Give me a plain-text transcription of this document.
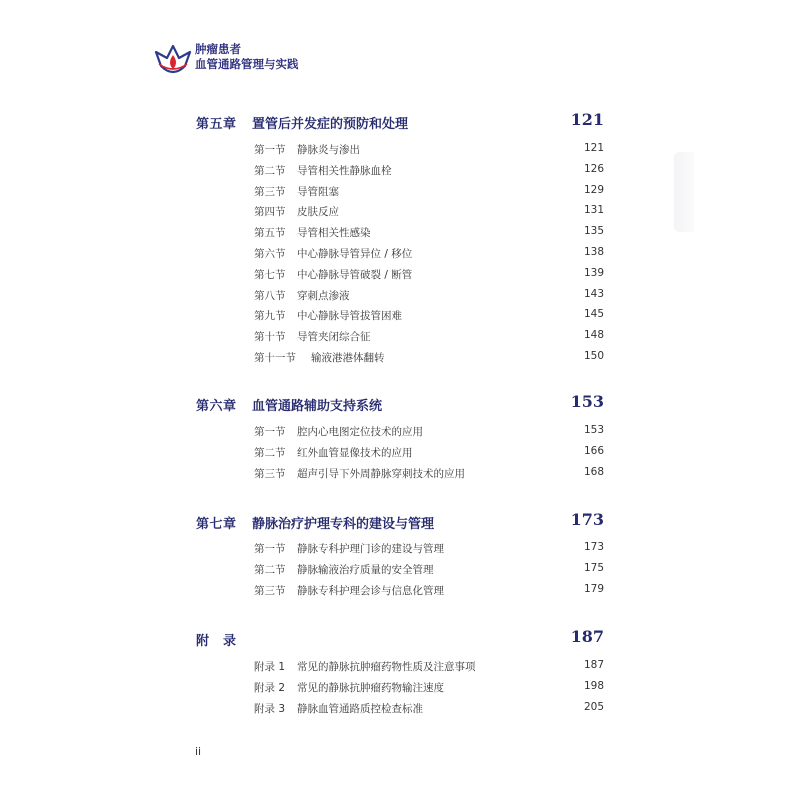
肿瘤患者
血管通路管理与实践
第五章 置管后并发症的预防和处理	121
第一节 静脉炎与渗出	121
第二节 导管相关性静脉血栓	126
第三节 导管阻塞	129
第四节 皮肤反应	131
第五节 导管相关性感染	135
第六节 中心静脉导管异位 / 移位	138
第七节 中心静脉导管破裂 / 断管	139
第八节 穿刺点渗液	143
第九节 中心静脉导管拔管困难	145
第十节 导管夹闭综合征	148
第十一节 输液港港体翻转	150
第六章 血管通路辅助支持系统	153
第一节 腔内心电图定位技术的应用	153
第二节 红外血管显像技术的应用	166
第三节 超声引导下外周静脉穿刺技术的应用	168
第七章 静脉治疗护理专科的建设与管理	173
第一节 静脉专科护理门诊的建设与管理	173
第二节 静脉输液治疗质量的安全管理	175
第三节 静脉专科护理会诊与信息化管理	179
附　录	187
附录 1 常见的静脉抗肿瘤药物性质及注意事项	187
附录 2 常见的静脉抗肿瘤药物输注速度	198
附录 3 静脉血管通路质控检查标准	205
ii
